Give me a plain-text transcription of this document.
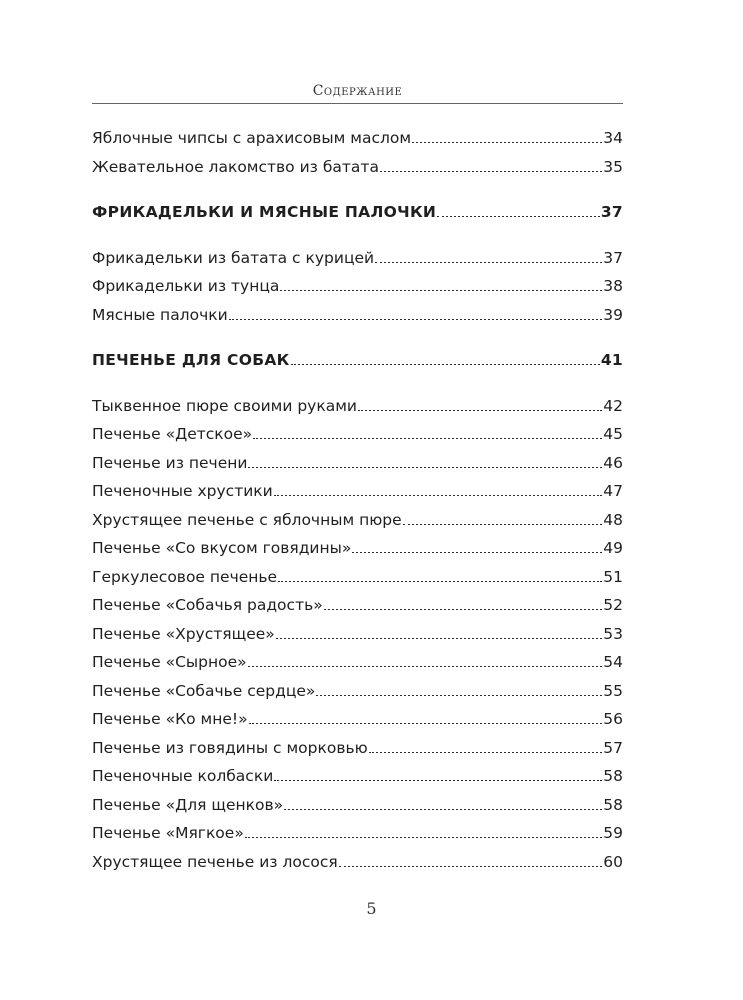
Содержание
Яблочные чипсы с арахисовым маслом	34
Жевательное лакомство из батата	35
ФРИКАДЕЛЬКИ И МЯСНЫЕ ПАЛОЧКИ	37
Фрикадельки из батата с курицей	37
Фрикадельки из тунца	38
Мясные палочки	39
ПЕЧЕНЬЕ ДЛЯ СОБАК	41
Тыквенное пюре своими руками	42
Печенье «Детское»	45
Печенье из печени	46
Печеночные хрустики	47
Хрустящее печенье с яблочным пюре	48
Печенье «Со вкусом говядины»	49
Геркулесовое печенье	51
Печенье «Собачья радость»	52
Печенье «Хрустящее»	53
Печенье «Сырное»	54
Печенье «Собачье сердце»	55
Печенье «Ко мне!»	56
Печенье из говядины с морковью	57
Печеночные колбаски	58
Печенье «Для щенков»	58
Печенье «Мягкое»	59
Хрустящее печенье из лосося	60
5
